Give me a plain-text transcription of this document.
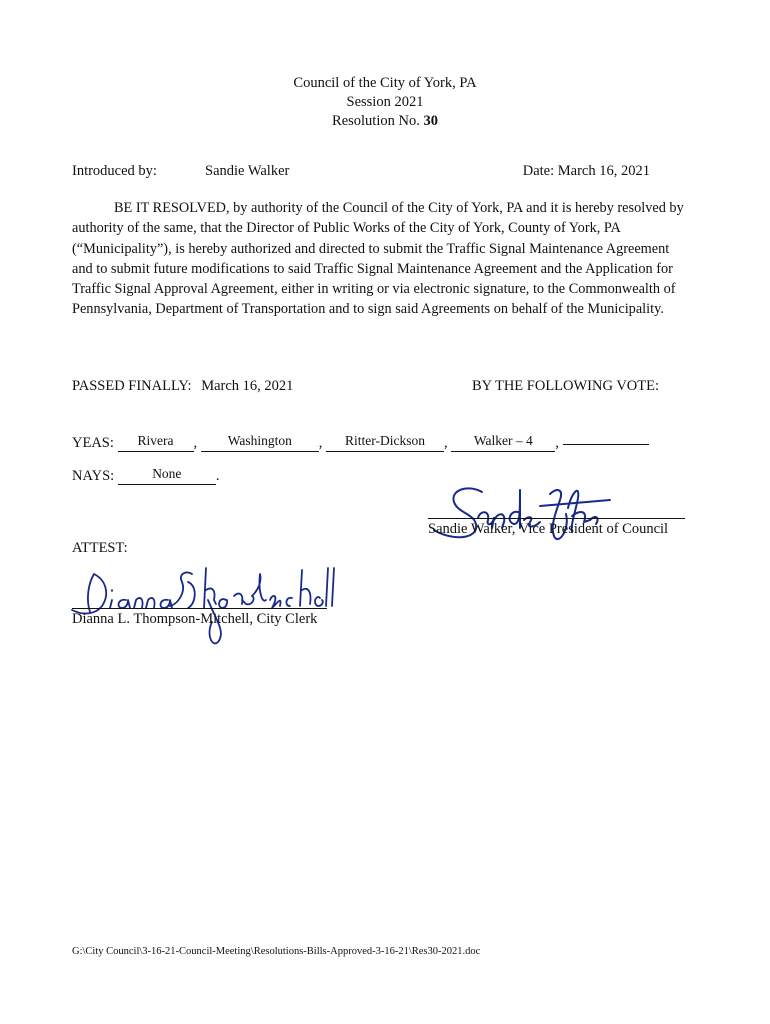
Council of the City of York, PA
Session 2021
Resolution No. 30
Introduced by:	Sandie Walker	Date: March 16, 2021

BE IT RESOLVED, by authority of the Council of the City of York, PA and it is hereby resolved by authority of the same, that the Director of Public Works of the City of York, County of York, PA (“Municipality”), is hereby authorized and directed to submit the Traffic Signal Maintenance Agreement and to submit future modifications to said Traffic Signal Maintenance Agreement and the Application for Traffic Signal Approval Agreement, either in writing or via electronic signature, to the Commonwealth of Pennsylvania, Department of Transportation and to sign said Agreements on behalf of the Municipality.

PASSED FINALLY: March 16, 2021	BY THE FOLLOWING VOTE:
YEAS: Rivera , Washington , Ritter-Dickson , Walker – 4 ,
NAYS:	None .
Sandie Walker, Vice President of Council
ATTEST:
Dianna L. Thompson-Mitchell, City Clerk
G:\City Council\3-16-21-Council-Meeting\Resolutions-Bills-Approved-3-16-21\Res30-2021.doc
